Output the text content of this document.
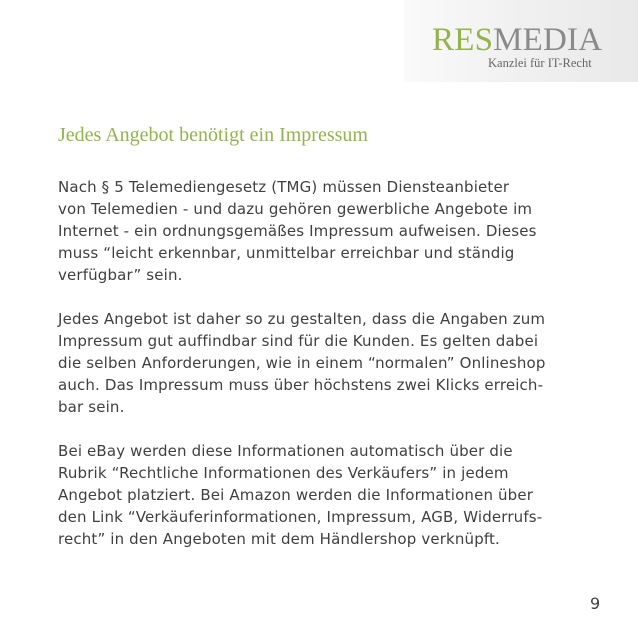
RESMEDIA
Kanzlei für IT-Recht
Jedes Angebot benötigt ein Impressum

Nach § 5 Telemediengesetz (TMG) müssen Diensteanbieter
von Telemedien - und dazu gehören gewerbliche Angebote im
Internet - ein ordnungsgemäßes Impressum aufweisen. Dieses
muss “leicht erkennbar, unmittelbar erreichbar und ständig
verfügbar” sein.

Jedes Angebot ist daher so zu gestalten, dass die Angaben zum
Impressum gut auffindbar sind für die Kunden. Es gelten dabei
die selben Anforderungen, wie in einem “normalen” Onlineshop
auch. Das Impressum muss über höchstens zwei Klicks erreich-
bar sein.

Bei eBay werden diese Informationen automatisch über die
Rubrik “Rechtliche Informationen des Verkäufers” in jedem
Angebot platziert. Bei Amazon werden die Informationen über
den Link “Verkäuferinformationen, Impressum, AGB, Widerrufs-
recht” in den Angeboten mit dem Händlershop verknüpft.

9
